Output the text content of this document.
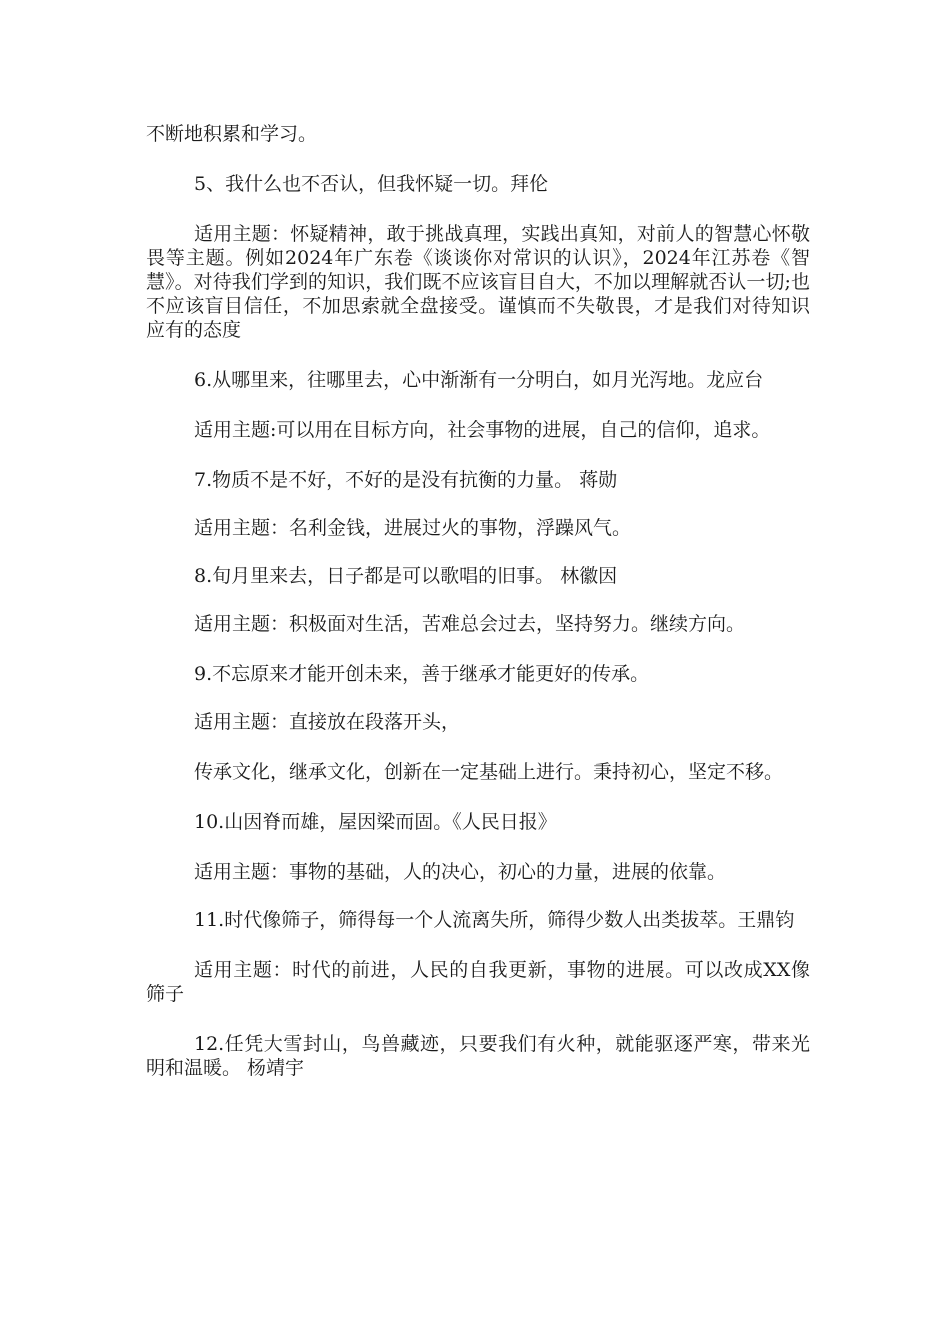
不断地积累和学习。

5、我什么也不否认，但我怀疑一切。拜伦

适用主题：怀疑精神，敢于挑战真理，实践出真知，对前人的智慧心怀敬畏等主题。例如2024年广东卷《谈谈你对常识的认识》，2024年江苏卷《智慧》。对待我们学到的知识，我们既不应该盲目自大，不加以理解就否认一切;也不应该盲目信任，不加思索就全盘接受。谨慎而不失敬畏，才是我们对待知识应有的态度

6.从哪里来，往哪里去，心中渐渐有一分明白，如月光泻地。龙应台

适用主题:可以用在目标方向，社会事物的进展，自己的信仰，追求。

7.物质不是不好，不好的是没有抗衡的力量。 蒋勋

适用主题：名利金钱，进展过火的事物，浮躁风气。

8.旬月里来去，日子都是可以歌唱的旧事。 林徽因

适用主题：积极面对生活，苦难总会过去，坚持努力。继续方向。

9.不忘原来才能开创未来，善于继承才能更好的传承。

适用主题：直接放在段落开头，

传承文化，继承文化，创新在一定基础上进行。秉持初心，坚定不移。

10.山因脊而雄，屋因梁而固。《人民日报》

适用主题：事物的基础，人的决心，初心的力量，进展的依靠。

11.时代像筛子，筛得每一个人流离失所，筛得少数人出类拔萃。王鼎钧

适用主题：时代的前进，人民的自我更新，事物的进展。可以改成XX像筛子

12.任凭大雪封山，鸟兽藏迹，只要我们有火种，就能驱逐严寒，带来光明和温暖。 杨靖宇
